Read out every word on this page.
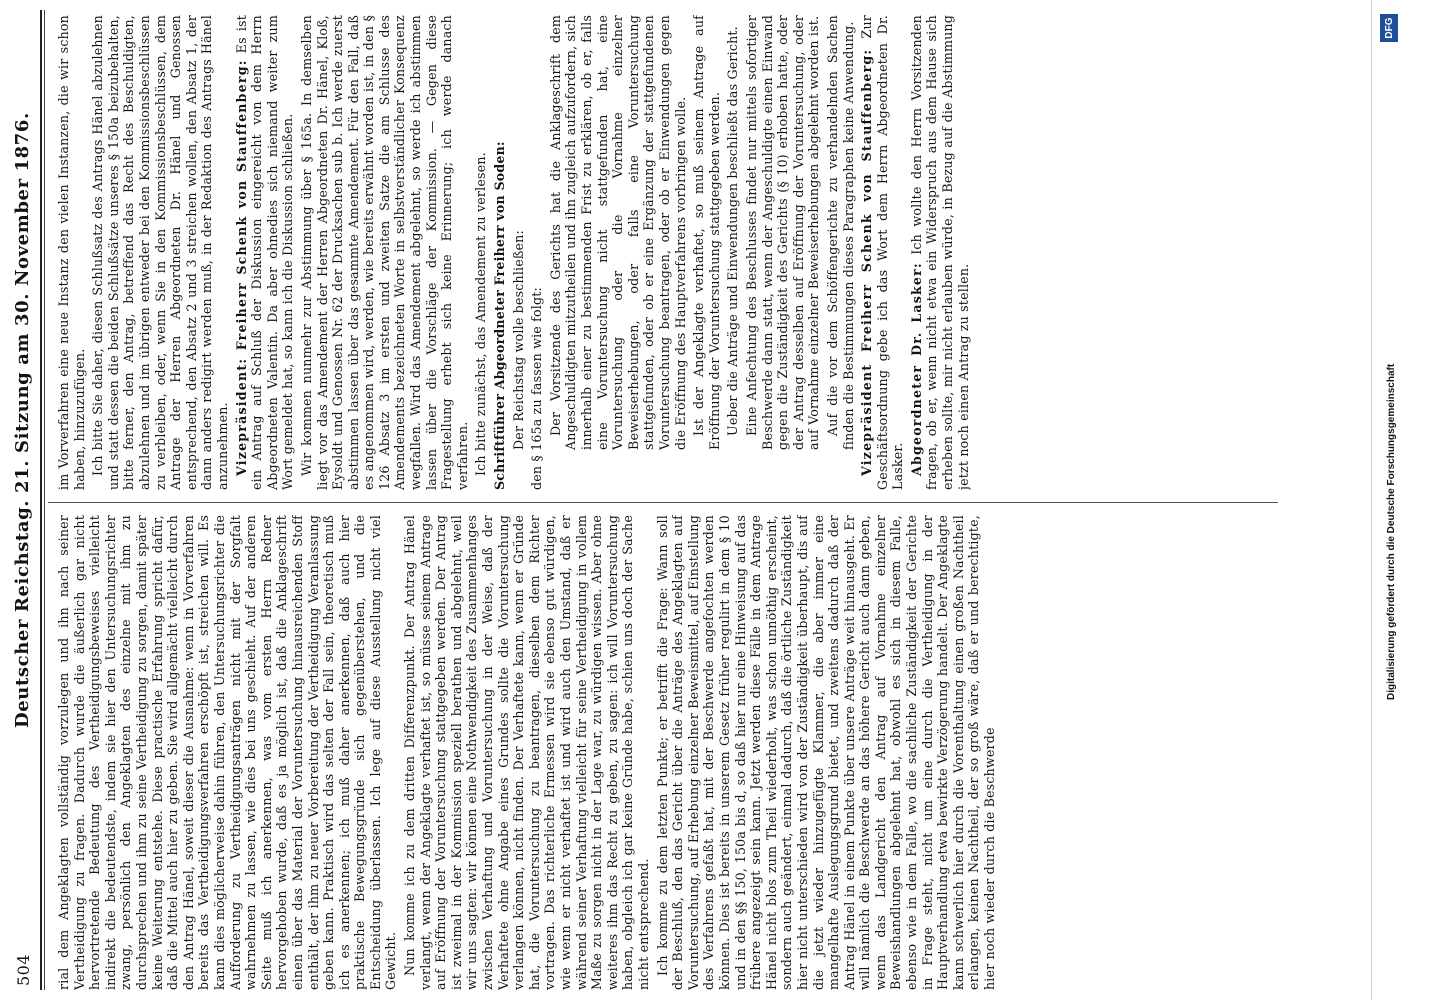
504
Deutscher Reichstag. 21. Sitzung am 30. November 1876.

rial dem Angeklagten vollständig vorzulegen und ihn nach seiner Vertheidigung zu fragen. Dadurch wurde die äußerlich gar nicht hervortretende Bedeutung des Vertheidigungsbeweises vielleicht indirekt die bedeutendste, indem sie hier den Untersuchungsrichter zwang, persönlich den Angeklagten des einzelne mit ihm zu durchsprechen und ihm zu seine Vertheidigung zu sorgen, damit später keine Weiterung entstehe. Diese practische Erfahrung spricht dafür, daß die Mittel auch hier zu geben. Sie wird allgemächt vielleicht durch den Antrag Hänel, soweit dieser die Ausnahme: wenn in Vorverfahren bereits das Vertheidigungsverfahren erschöpft ist, streichen will. Es kann dies möglicherweise dahin führen, den Untersuchungsrichter die Aufforderung zu Vertheidigungsanträgen nicht mit der Sorgfalt wahrnehmen zu lassen, wie dies bei uns geschieht. Auf der anderen Seite muß ich anerkennen, was vom ersten Herrn Redner hervorgehoben wurde, daß es ja möglich ist, daß die Anklageschrift einen über das Material der Voruntersuchung hinausreichenden Stoff enthält, der ihm zu neuer Vorbereitung der Vertheidigung Veranlassung geben kann. Praktisch wird das selten der Fall sein, theoretisch muß ich es anerkennen; ich muß daher anerkennen, daß auch hier praktische Bewegungsgründe sich gegenüberstehen, und die Entscheidung überlassen. Ich lege auf diese Ausstellung nicht viel Gewicht. Nun komme ich zu dem dritten Differenzpunkt. Der Antrag Hänel verlangt, wenn der Angeklagte verhaftet ist, so müsse seinem Antrage auf Eröffnung der Voruntersuchung stattgegeben werden. Der Antrag ist zweimal in der Kommission speziell berathen und abgelehnt, weil wir uns sagten: wir können eine Nothwendigkeit des Zusammenhanges zwischen Verhaftung und Voruntersuchung in der Weise, daß der Verhaftete ohne Angabe eines Grundes sollte die Voruntersuchung verlangen können, nicht finden. Der Verhaftete kann, wenn er Gründe hat, die Voruntersuchung zu beantragen, dieselben dem Richter vortragen. Das richterliche Ermessen wird sie ebenso gut würdigen, wie wenn er nicht verhaftet ist und wird auch den Umstand, daß er während seiner Verhaftung vielleicht für seine Vertheidigung in vollem Maße zu sorgen nicht in der Lage war, zu würdigen wissen. Aber ohne weiteres ihm das Recht zu geben, zu sagen: ich will Voruntersuchung haben, obgleich ich gar keine Gründe habe, schien uns doch der Sache nicht entsprechend. Ich komme zu dem letzten Punkte; er betrifft die Frage: Wann soll der Beschluß, den das Gericht über die Anträge des Angeklagten auf Voruntersuchung, auf Erhebung einzelner Beweismittel, auf Einstellung des Verfahrens gefaßt hat, mit der Beschwerde angefochten werden können. Dies ist bereits in unserem Gesetz früher regulirt in dem § 10 und in den §§ 150, 150a bis d, so daß hier nur eine Hinweisung auf das frühere angezeigt sein kann. Jetzt werden diese Fälle in dem Antrage Hänel nicht blos zum Theil wiederholt, was schon unnöthig erscheint, sondern auch geändert, einmal dadurch, daß die örtliche Zuständigkeit hier nicht unterschieden wird von der Zuständigkeit überhaupt, dis auf die jetzt wieder hinzugefügte Klammer, die aber immer eine mangelhafte Auslegungsgrund bietet, und zweitens dadurch daß der Antrag Hänel in einem Punkte über unsere Anträge weit hinausgeht. Er will nämlich die Beschwerde an das höhere Gericht auch dann geben, wenn das Landgericht den Antrag auf Vornahme einzelner Beweishandlungen abgelehnt hat, obwohl es sich in diesem Falle, ebenso wie in dem Falle, wo die sachliche Zuständigkeit der Gerichte in Frage steht, nicht um eine durch die Vertheidigung in der Hauptverhandlung etwa bewirkte Verzögerung handelt. Der Angeklagte kann schwerlich hier durch die Vorenthaltung einen großen Nachtheil erlangen, keinen Nachtheil, der so groß wäre, daß er und berechtigte, hier noch wieder durch die Beschwerde

im Vorverfahren eine neue Instanz den vielen Instanzen, die wir schon haben, hinzuzufügen. Ich bitte Sie daher, diesen Schlußsatz des Antrags Hänel abzulehnen und statt dessen die beiden Schlußsätze unseres § 150a beizubehalten, bitte ferner, den Antrag, betreffend das Recht des Beschuldigten, abzulehnen und im übrigen entweder bei den Kommissionsbeschlüssen zu verbleiben, oder, wenn Sie in den Kommissionsbeschlüssen, dem Antrage der Herren Abgeordneten Dr. Hänel und Genossen entsprechend, den Absatz 2 und 3 streichen wollen, den Absatz 1, der dann anders redigirt werden muß, in der Redaktion des Antrags Hänel anzunehmen. Vizepräsident: Freiherr Schenk von Stauffenberg: Es ist ein Antrag auf Schluß der Diskussion eingereicht von dem Herrn Abgeordneten Valentin. Da aber ohnedies sich niemand weiter zum Wort gemeldet hat, so kann ich die Diskussion schließen. Wir kommen nunmehr zur Abstimmung über § 165a. In demselben liegt vor das Amendement der Herren Abgeordneten Dr. Hänel, Kloß, Eysoldt und Genossen Nr. 62 der Drucksachen sub b. Ich werde zuerst abstimmen lassen über das gesammte Amendement. Für den Fall, daß es angenommen wird, werden, wie bereits erwähnt worden ist, in den § 126 Absatz 3 im ersten und zweiten Satze die am Schlusse des Amendements bezeichneten Worte in selbstverständlicher Konsequenz wegfallen. Wird das Amendement abgelehnt, so werde ich abstimmen lassen über die Vorschläge der Kommission. — Gegen diese Fragestellung erhebt sich keine Erinnerung; ich werde danach verfahren. Ich bitte zunächst, das Amendement zu verlesen. Schriftführer Abgeordneter Freiherr von Soden: Der Reichstag wolle beschließen: den § 165a zu fassen wie folgt: Der Vorsitzende des Gerichts hat die Anklageschrift dem Angeschuldigten mitzutheilen und ihn zugleich aufzufordern, sich innerhalb einer zu bestimmenden Frist zu erklären, ob er, falls eine Voruntersuchung nicht stattgefunden hat, eine Voruntersuchung oder die Vornahme einzelner Beweiserhebungen, oder falls eine Voruntersuchung stattgefunden, oder ob er eine Ergänzung der stattgefundenen Voruntersuchung beantragen, oder ob er Einwendungen gegen die Eröffnung des Hauptverfahrens vorbringen wolle. Ist der Angeklagte verhaftet, so muß seinem Antrage auf Eröffnung der Voruntersuchung stattgegeben werden. Ueber die Anträge und Einwendungen beschließt das Gericht. Eine Anfechtung des Beschlusses findet nur mittels sofortiger Beschwerde dann statt, wenn der Angeschuldigte einen Einwand gegen die Zuständigkeit des Gerichts (§ 10) erhoben hatte, oder der Antrag desselben auf Eröffnung der Voruntersuchung, oder auf Vornahme einzelner Beweiserhebungen abgelehnt worden ist. Auf die vor dem Schöffengerichte zu verhandelnden Sachen finden die Bestimmungen dieses Paragraphen keine Anwendung. Vizepräsident Freiherr Schenk von Stauffenberg: Zur Geschäftsordnung gebe ich das Wort dem Herrn Abgeordneten Dr. Lasker. Abgeordneter Dr. Lasker: Ich wollte den Herrn Vorsitzenden fragen, ob er, wenn nicht etwa ein Widerspruch aus dem Hause sich erheben sollte, mir nicht erlauben würde, in Bezug auf die Abstimmung jetzt noch einen Antrag zu stellen.	Digitalisierung gefördert durch die Deutsche Forschungsgemeinschaft
DFG
